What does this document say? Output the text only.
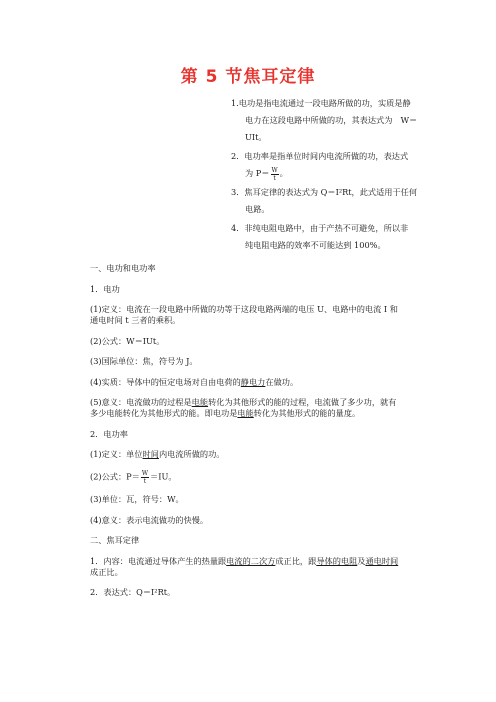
第 5 节焦耳定律
1.电功是指电流通过一段电路所做的功，实质是静
电力在这段电路中所做的功，其表达式为　W＝
UIt。
2．电功率是指单位时间内电流所做的功，表达式
为 $P= \frac{W}{t}$ 。
3．焦耳定律的表达式为 Q＝I²Rt，此式适用于任何
电路。
4．非纯电阻电路中，由于产热不可避免，所以非
纯电阻电路的效率不可能达到 100%。
一、电功和电功率
1．电功
(1)定义：电流在一段电路中所做的功等于这段电路两端的电压 U、电路中的电流 I 和
通电时间 t 三者的乘积。
(2)公式：W＝IUt。
(3)国际单位：焦，符号为 J。
(4)实质：导体中的恒定电场对自由电荷的静电力在做功。
(5)意义：电流做功的过程是电能转化为其他形式的能的过程，电流做了多少功，就有
多少电能转化为其他形式的能。即电功是电能转化为其他形式的能的量度。
2．电功率
(1)定义：单位时间内电流所做的功。
(2)公式：$P= \frac{W}{t} =IU$。
(3)单位：瓦，符号：W。
(4)意义：表示电流做功的快慢。
二、焦耳定律
1．内容：电流通过导体产生的热量跟电流的二次方成正比，跟导体的电阻及通电时间
成正比。
2．表达式：Q＝I²Rt。
